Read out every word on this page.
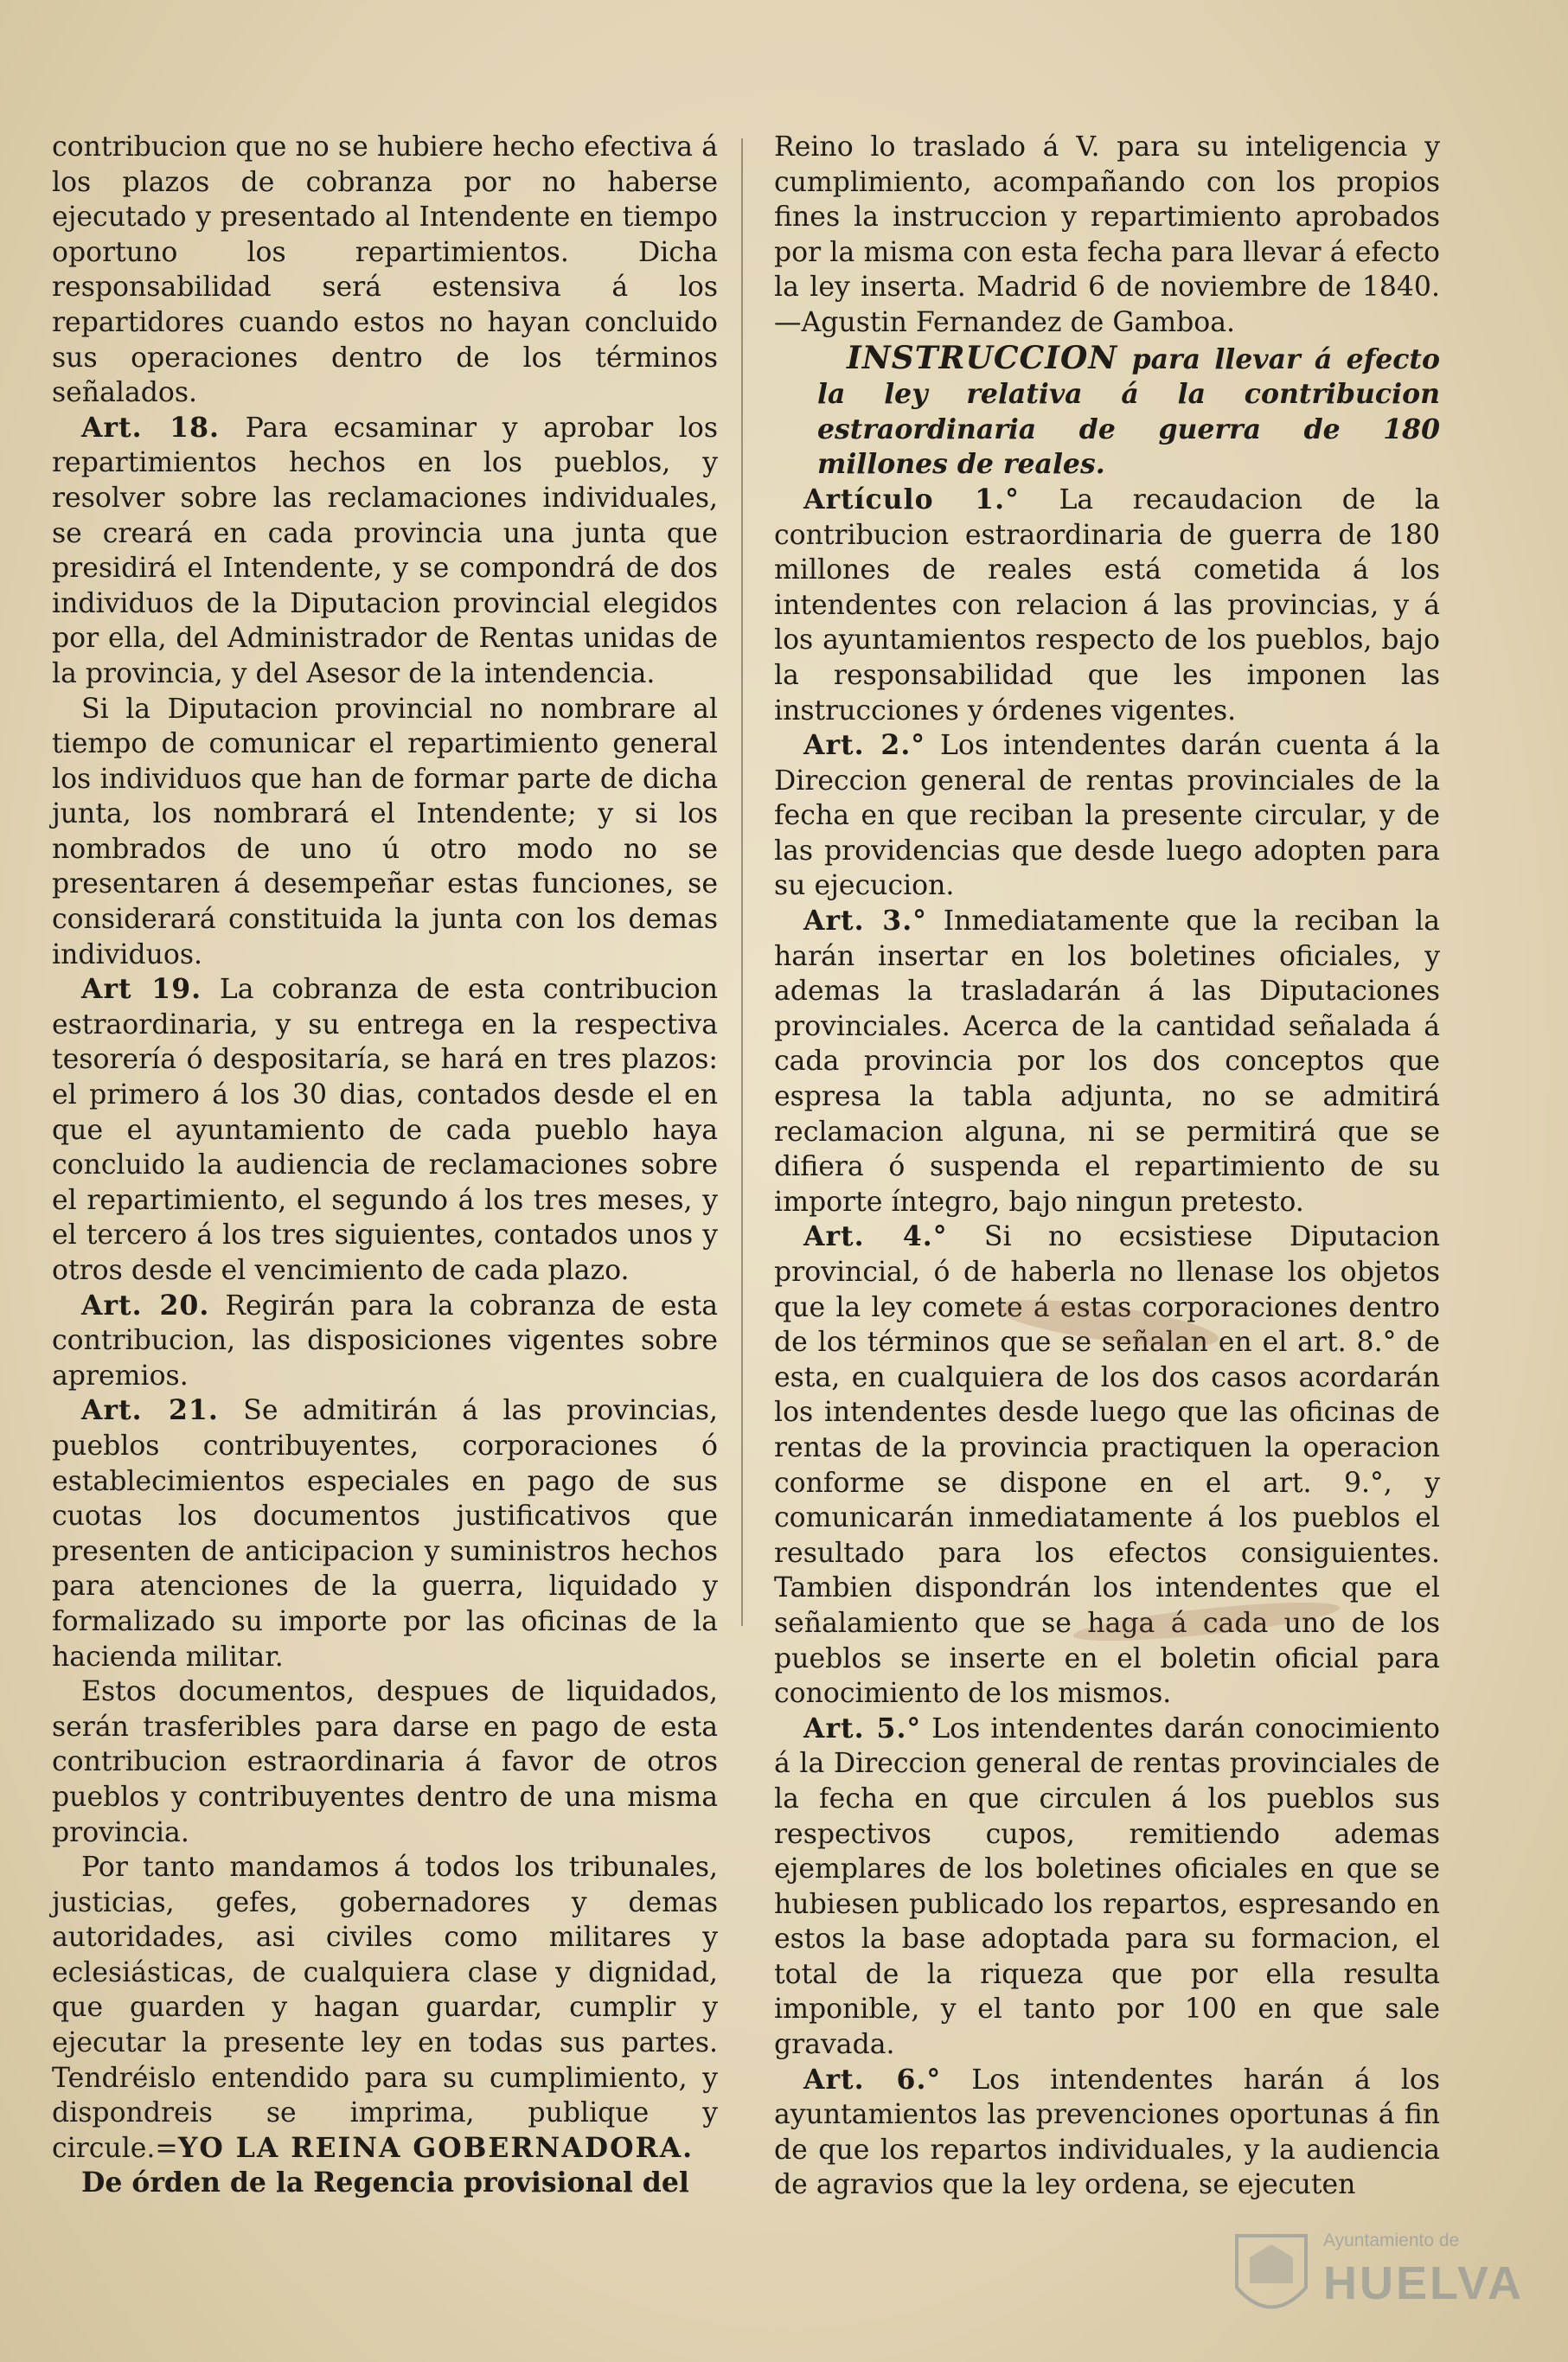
contribucion que no se hubiere hecho efectiva á los plazos de cobranza por no haberse ejecutado y presentado al Intendente en tiempo oportuno los repartimientos. Dicha responsabilidad será estensiva á los repartidores cuando estos no hayan concluido sus operaciones dentro de los términos señalados.

Art. 18. Para ecsaminar y aprobar los repartimientos hechos en los pueblos, y resolver sobre las reclamaciones individuales, se creará en cada provincia una junta que presidirá el Intendente, y se compondrá de dos individuos de la Diputacion provincial elegidos por ella, del Administrador de Rentas unidas de la provincia, y del Asesor de la intendencia.

Si la Diputacion provincial no nombrare al tiempo de comunicar el repartimiento general los individuos que han de formar parte de dicha junta, los nombrará el Intendente; y si los nombrados de uno ú otro modo no se presentaren á desempeñar estas funciones, se considerará constituida la junta con los demas individuos.

Art 19. La cobranza de esta contribucion estraordinaria, y su entrega en la respectiva tesorería ó despositaría, se hará en tres plazos: el primero á los 30 dias, contados desde el en que el ayuntamiento de cada pueblo haya concluido la audiencia de reclamaciones sobre el repartimiento, el segundo á los tres meses, y el tercero á los tres siguientes, contados unos y otros desde el vencimiento de cada plazo.

Art. 20. Regirán para la cobranza de esta contribucion, las disposiciones vigentes sobre apremios.

Art. 21. Se admitirán á las provincias, pueblos contribuyentes, corporaciones ó establecimientos especiales en pago de sus cuotas los documentos justificativos que presenten de anticipacion y suministros hechos para atenciones de la guerra, liquidado y formalizado su importe por las oficinas de la hacienda militar.

Estos documentos, despues de liquidados, serán trasferibles para darse en pago de esta contribucion estraordinaria á favor de otros pueblos y contribuyentes dentro de una misma provincia.

Por tanto mandamos á todos los tribunales, justicias, gefes, gobernadores y demas autoridades, asi civiles como militares y eclesiásticas, de cualquiera clase y dignidad, que guarden y hagan guardar, cumplir y ejecutar la presente ley en todas sus partes. Tendréislo entendido para su cumplimiento, y dispondreis se imprima, publique y circule.=YO LA REINA GOBERNADORA.

De órden de la Regencia provisional del

Reino lo traslado á V. para su inteligencia y cumplimiento, acompañando con los propios fines la instruccion y repartimiento aprobados por la misma con esta fecha para llevar á efecto la ley inserta. Madrid 6 de noviembre de 1840.—Agustin Fernandez de Gamboa.

INSTRUCCION para llevar á efecto la ley relativa á la contribucion estraordinaria de guerra de 180 millones de reales.

Artículo 1.° La recaudacion de la contribucion estraordinaria de guerra de 180 millones de reales está cometida á los intendentes con relacion á las provincias, y á los ayuntamientos respecto de los pueblos, bajo la responsabilidad que les imponen las instrucciones y órdenes vigentes.

Art. 2.° Los intendentes darán cuenta á la Direccion general de rentas provinciales de la fecha en que reciban la presente circular, y de las providencias que desde luego adopten para su ejecucion.

Art. 3.° Inmediatamente que la reciban la harán insertar en los boletines oficiales, y ademas la trasladarán á las Diputaciones provinciales. Acerca de la cantidad señalada á cada provincia por los dos conceptos que espresa la tabla adjunta, no se admitirá reclamacion alguna, ni se permitirá que se difiera ó suspenda el repartimiento de su importe íntegro, bajo ningun pretesto.

Art. 4.° Si no ecsistiese Diputacion provincial, ó de haberla no llenase los objetos que la ley comete á estas corporaciones dentro de los términos que se señalan en el art. 8.° de esta, en cualquiera de los dos casos acordarán los intendentes desde luego que las oficinas de rentas de la provincia practiquen la operacion conforme se dispone en el art. 9.°, y comunicarán inmediatamente á los pueblos el resultado para los efectos consiguientes. Tambien dispondrán los intendentes que el señalamiento que se haga á cada uno de los pueblos se inserte en el boletin oficial para conocimiento de los mismos.

Art. 5.° Los intendentes darán conocimiento á la Direccion general de rentas provinciales de la fecha en que circulen á los pueblos sus respectivos cupos, remitiendo ademas ejemplares de los boletines oficiales en que se hubiesen publicado los repartos, espresando en estos la base adoptada para su formacion, el total de la riqueza que por ella resulta imponible, y el tanto por 100 en que sale gravada.

Art. 6.° Los intendentes harán á los ayuntamientos las prevenciones oportunas á fin de que los repartos individuales, y la audiencia de agravios que la ley ordena, se ejecuten

Ayuntamiento de
HUELVA
